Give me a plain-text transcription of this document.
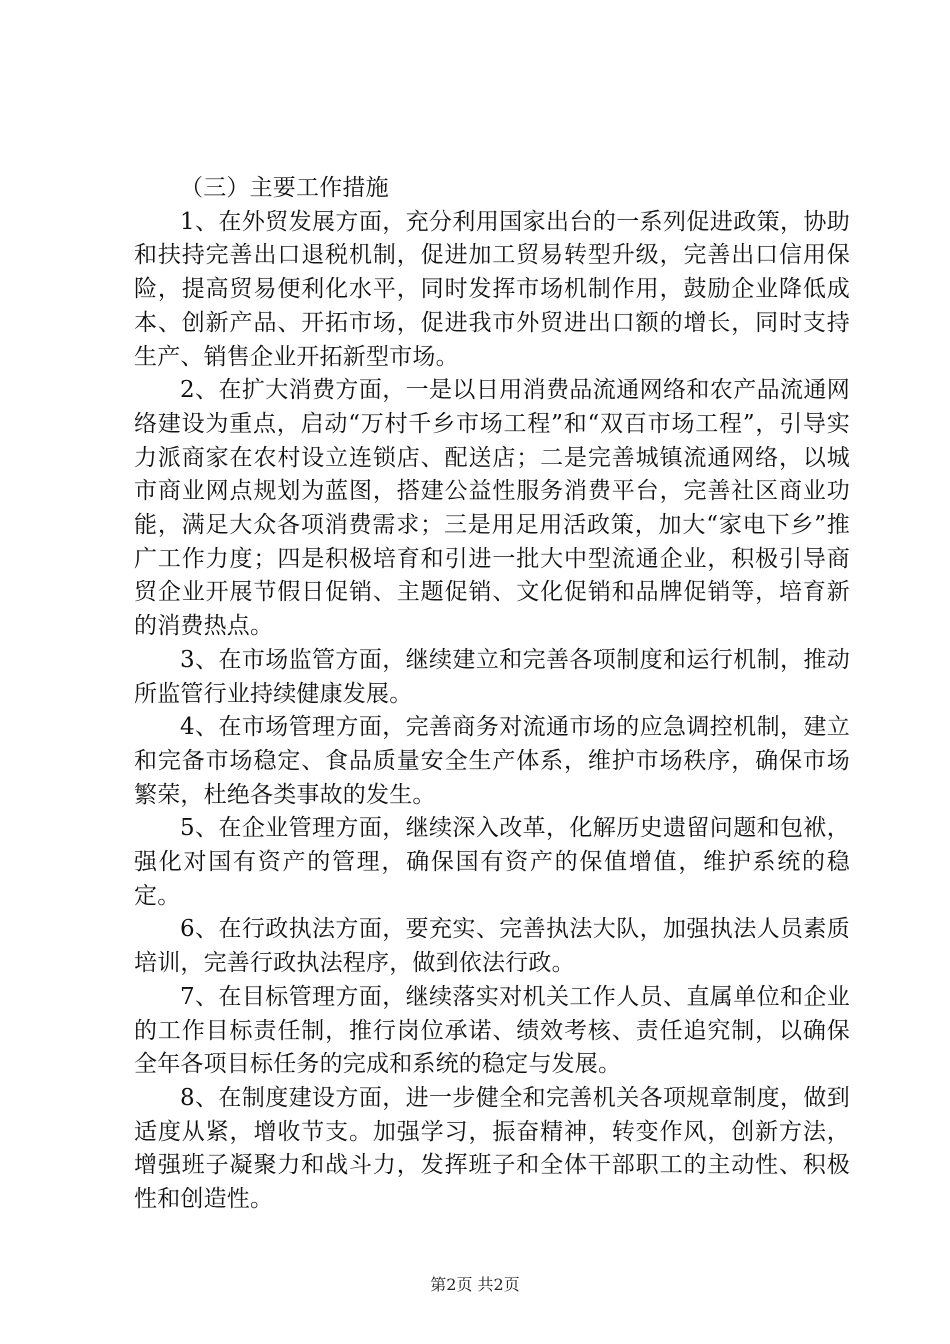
（三）主要工作措施

1、在外贸发展方面，充分利用国家出台的一系列促进政策，协助和扶持完善出口退税机制，促进加工贸易转型升级，完善出口信用保险，提高贸易便利化水平，同时发挥市场机制作用，鼓励企业降低成本、创新产品、开拓市场，促进我市外贸进出口额的增长，同时支持生产、销售企业开拓新型市场。

2、在扩大消费方面，一是以日用消费品流通网络和农产品流通网络建设为重点，启动“万村千乡市场工程”和“双百市场工程”，引导实力派商家在农村设立连锁店、配送店；二是完善城镇流通网络，以城市商业网点规划为蓝图，搭建公益性服务消费平台，完善社区商业功能，满足大众各项消费需求；三是用足用活政策，加大“家电下乡”推广工作力度；四是积极培育和引进一批大中型流通企业，积极引导商贸企业开展节假日促销、主题促销、文化促销和品牌促销等，培育新的消费热点。

3、在市场监管方面，继续建立和完善各项制度和运行机制，推动所监管行业持续健康发展。

4、在市场管理方面，完善商务对流通市场的应急调控机制，建立和完备市场稳定、食品质量安全生产体系，维护市场秩序，确保市场繁荣，杜绝各类事故的发生。

5、在企业管理方面，继续深入改革，化解历史遗留问题和包袱，强化对国有资产的管理，确保国有资产的保值增值，维护系统的稳定。

6、在行政执法方面，要充实、完善执法大队，加强执法人员素质培训，完善行政执法程序，做到依法行政。

7、在目标管理方面，继续落实对机关工作人员、直属单位和企业的工作目标责任制，推行岗位承诺、绩效考核、责任追究制，以确保全年各项目标任务的完成和系统的稳定与发展。

8、在制度建设方面，进一步健全和完善机关各项规章制度，做到适度从紧，增收节支。加强学习，振奋精神，转变作风，创新方法，增强班子凝聚力和战斗力，发挥班子和全体干部职工的主动性、积极性和创造性。

第2页 共2页
